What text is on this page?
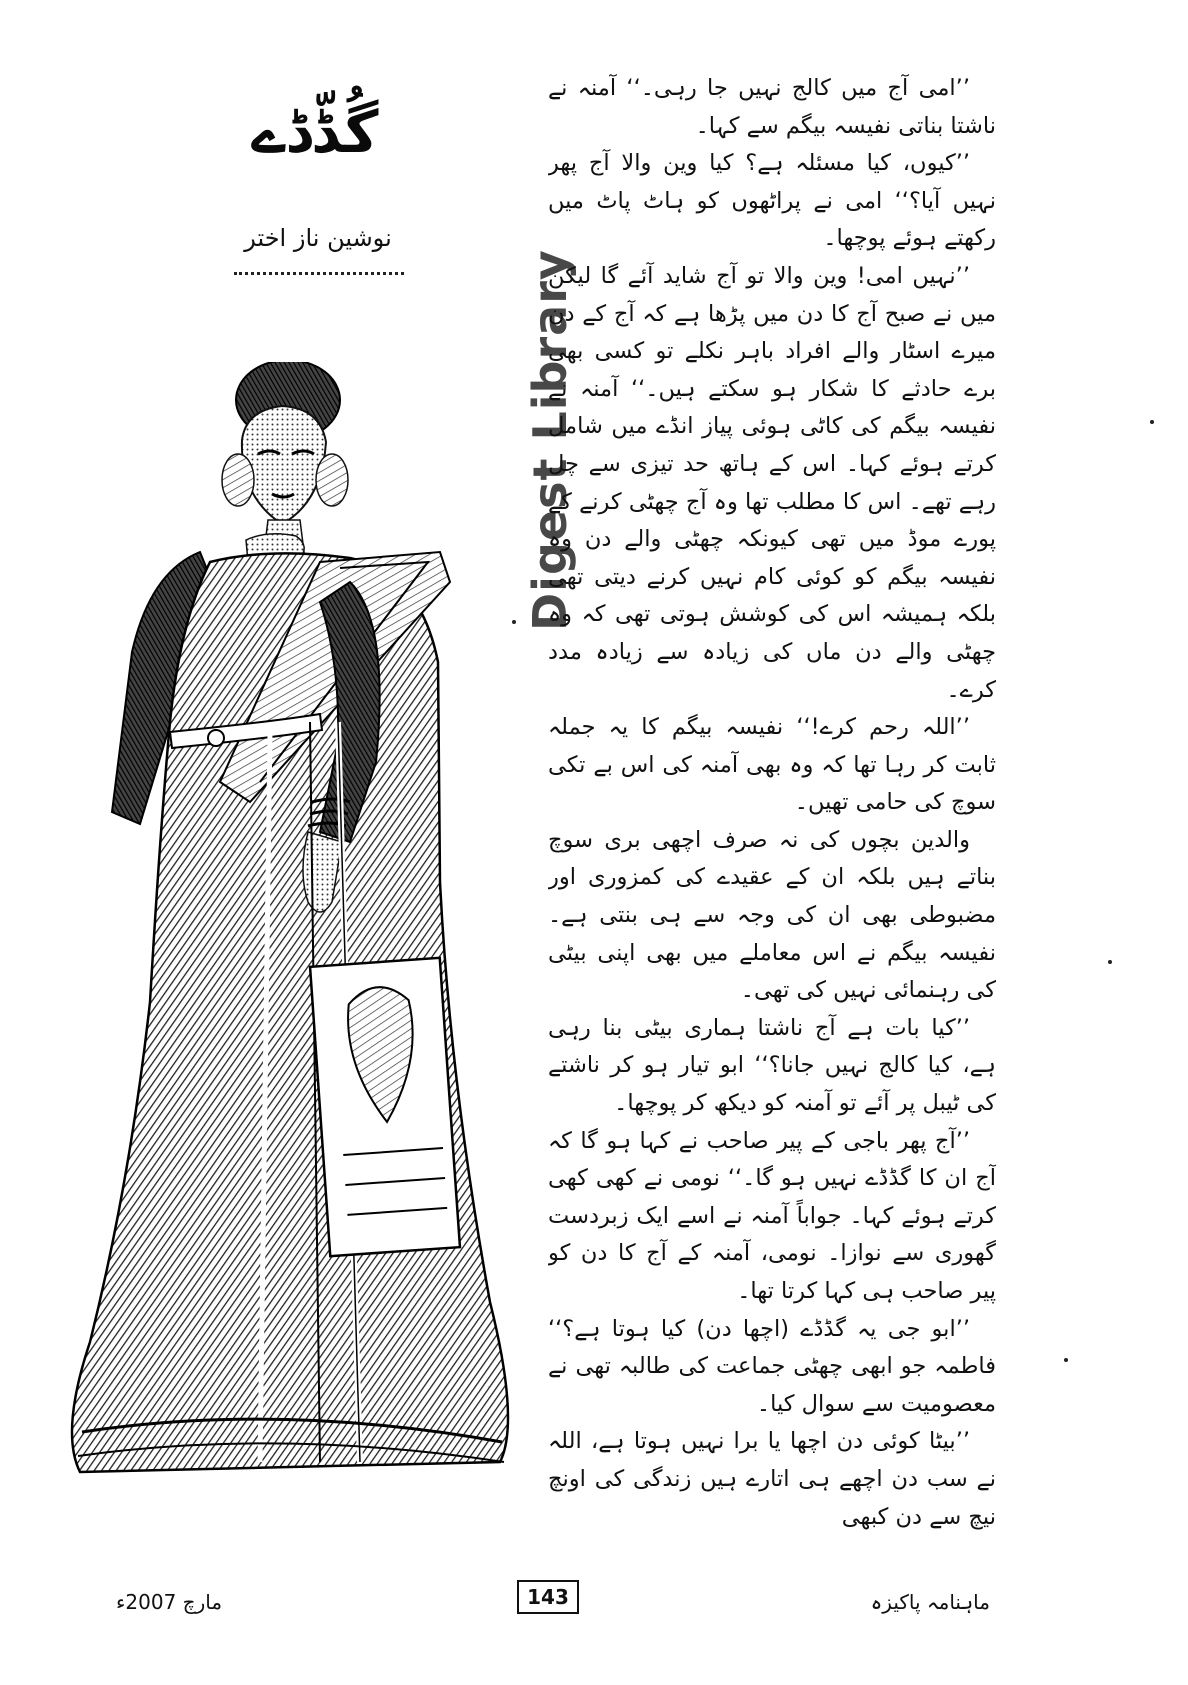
گُڈّڈے
نوشین ناز اختر
Digest Library

’’امی آج میں کالج نہیں جا رہی۔‘‘ آمنہ نے ناشتا بناتی نفیسہ بیگم سے کہا۔

’’کیوں، کیا مسئلہ ہے؟ کیا وین والا آج پھر نہیں آیا؟‘‘ امی نے پراٹھوں کو ہاٹ پاٹ میں رکھتے ہوئے پوچھا۔

’’نہیں امی! وین والا تو آج شاید آئے گا لیکن میں نے صبح آج کا دن میں پڑھا ہے کہ آج کے دن میرے اسٹار والے افراد باہر نکلے تو کسی بھی برے حادثے کا شکار ہو سکتے ہیں۔‘‘ آمنہ نے نفیسہ بیگم کی کاٹی ہوئی پیاز انڈے میں شامل کرتے ہوئے کہا۔ اس کے ہاتھ حد تیزی سے چل رہے تھے۔ اس کا مطلب تھا وہ آج چھٹی کرنے کے پورے موڈ میں تھی کیونکہ چھٹی والے دن وہ نفیسہ بیگم کو کوئی کام نہیں کرنے دیتی تھی بلکہ ہمیشہ اس کی کوشش ہوتی تھی کہ وہ چھٹی والے دن ماں کی زیادہ سے زیادہ مدد کرے۔

’’اللہ رحم کرے!‘‘ نفیسہ بیگم کا یہ جملہ ثابت کر رہا تھا کہ وہ بھی آمنہ کی اس بے تکی سوچ کی حامی تھیں۔

والدین بچوں کی نہ صرف اچھی بری سوچ بناتے ہیں بلکہ ان کے عقیدے کی کمزوری اور مضبوطی بھی ان کی وجہ سے ہی بنتی ہے۔ نفیسہ بیگم نے اس معاملے میں بھی اپنی بیٹی کی رہنمائی نہیں کی تھی۔

’’کیا بات ہے آج ناشتا ہماری بیٹی بنا رہی ہے، کیا کالج نہیں جانا؟‘‘ ابو تیار ہو کر ناشتے کی ٹیبل پر آئے تو آمنہ کو دیکھ کر پوچھا۔

’’آج پھر باجی کے پیر صاحب نے کہا ہو گا کہ آج ان کا گڈڈے نہیں ہو گا۔‘‘ نومی نے کھی کھی کرتے ہوئے کہا۔ جواباً آمنہ نے اسے ایک زبردست گھوری سے نوازا۔ نومی، آمنہ کے آج کا دن کو پیر صاحب ہی کہا کرتا تھا۔

’’ابو جی یہ گڈڈے (اچھا دن) کیا ہوتا ہے؟‘‘ فاطمہ جو ابھی چھٹی جماعت کی طالبہ تھی نے معصومیت سے سوال کیا۔

’’بیٹا کوئی دن اچھا یا برا نہیں ہوتا ہے، اللہ نے سب دن اچھے ہی اتارے ہیں زندگی کی اونچ نیچ سے دن کبھی

مارچ 2007ء	143	ماہنامہ پاکیزہ
